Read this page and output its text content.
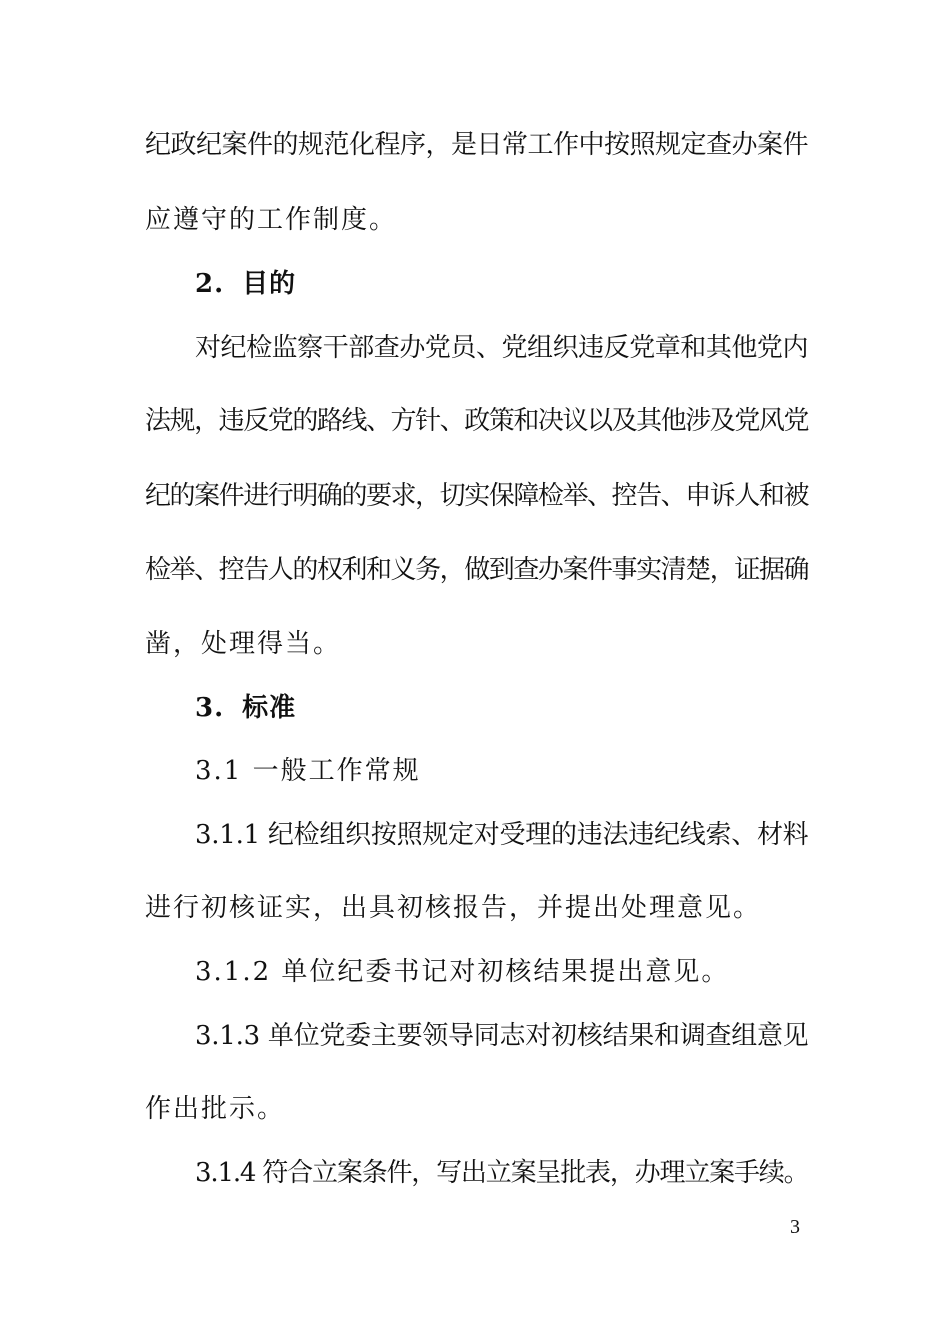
纪政纪案件的规范化程序，是日常工作中按照规定查办案件
应遵守的工作制度。
2. 目的
对纪检监察干部查办党员、党组织违反党章和其他党内
法规，违反党的路线、方针、政策和决议以及其他涉及党风党
纪的案件进行明确的要求，切实保障检举、控告、申诉人和被
检举、控告人的权利和义务，做到查办案件事实清楚，证据确
凿，处理得当。
3. 标准
3.1 一般工作常规
3.1.1 纪检组织按照规定对受理的违法违纪线索、材料
进行初核证实，出具初核报告，并提出处理意见。
3.1.2 单位纪委书记对初核结果提出意见。
3.1.3 单位党委主要领导同志对初核结果和调查组意见
作出批示。
3.1.4 符合立案条件，写出立案呈批表，办理立案手续。
3
